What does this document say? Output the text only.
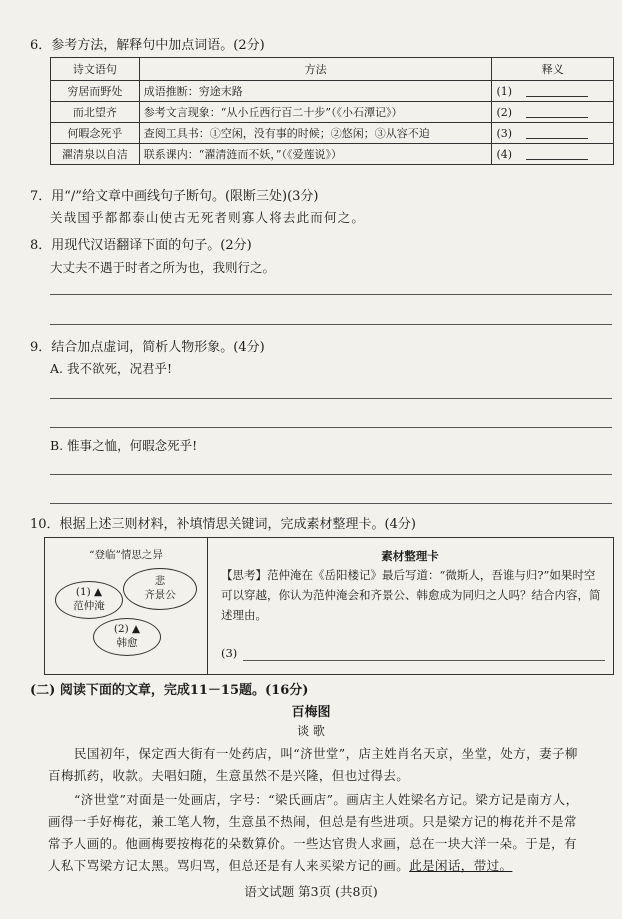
6．参考方法，解释句中加点词语。(2分)
诗文语句	方法	释义
穷居而野处	成语推断：穷途末路	(1)
而北望齐	参考文言现象：“从小丘西行百二十步”（《小石潭记》）	(2)
何暇念死乎	查阅工具书：①空闲，没有事的时候；②悠闲；③从容不迫	(3)
濯清泉以自洁	联系课内：“濯清涟而不妖，”（《爱莲说》）	(4)
7．用“/”给文章中画线句子断句。(限断三处)(3分)
关哉国乎都都泰山使古无死者则寡人将去此而何之。
8．用现代汉语翻译下面的句子。(2分)
大丈夫不遇于时者之所为也，我则行之。
9．结合加点虚词，简析人物形象。(4分)
A. 我不欲死，况君乎!
B. 惟事之恤，何暇念死乎!
10．根据上述三则材料，补填情思关键词，完成素材整理卡。(4分)
“登临”情思之异
(1) ▲
范仲淹
悲
齐景公
(2) ▲
韩愈
素材整理卡
【思考】范仲淹在《岳阳楼记》最后写道：“微斯人，吾谁与归?”如果时空可以穿越，你认为范仲淹会和齐景公、韩愈成为同归之人吗？结合内容，简述理由。
(3)
(二) 阅读下面的文章，完成11－15题。(16分)
百梅图
谈 歌
民国初年，保定西大街有一处药店，叫“济世堂”，店主姓肖名天京，坐堂，处方，妻子柳百梅抓药，收款。夫唱妇随，生意虽然不是兴隆，但也过得去。
“济世堂”对面是一处画店，字号：“梁氏画店”。画店主人姓梁名方记。梁方记是南方人，画得一手好梅花，兼工笔人物，生意虽不热闹，但总是有些进项。只是梁方记的梅花并不是常常予人画的。他画梅要按梅花的朵数算价。一些达官贵人求画，总在一块大洋一朵。于是，有人私下骂梁方记太黑。骂归骂，但总还是有人来买梁方记的画。此是闲话，带过。
语文试题 第3页 (共8页)
